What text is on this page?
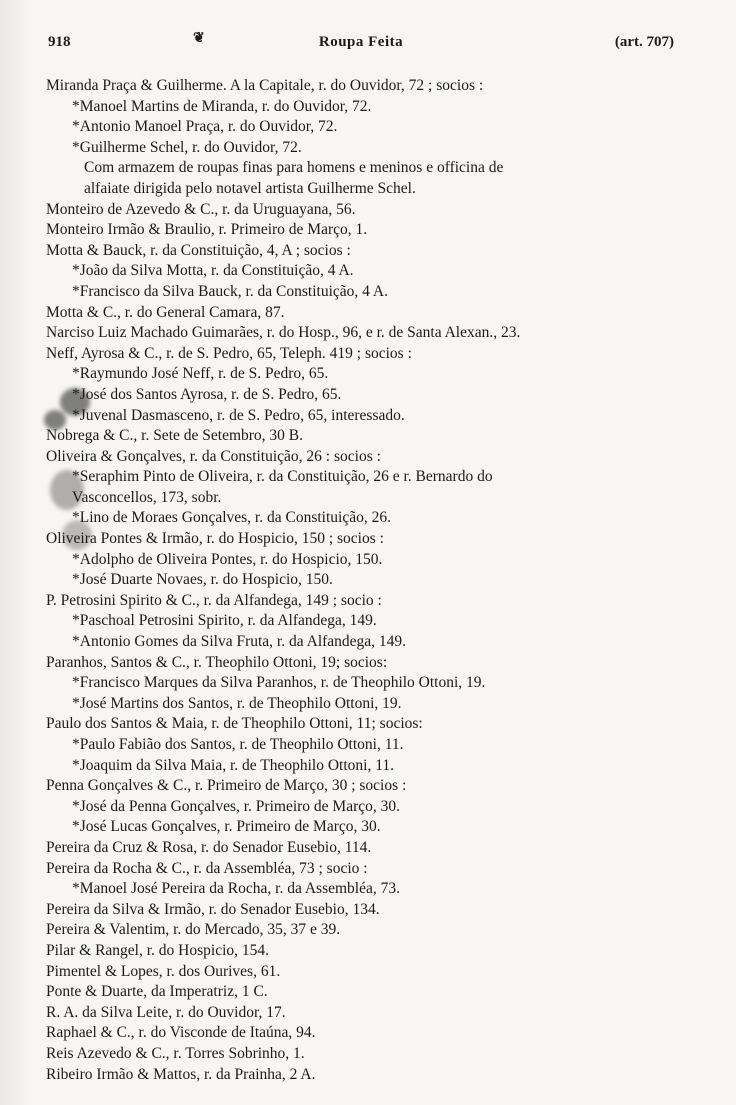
918	❦	Roupa Feita	(art. 707)
Miranda Praça & Guilherme. A la Capitale, r. do Ouvidor, 72 ; socios :
*Manoel Martins de Miranda, r. do Ouvidor, 72.
*Antonio Manoel Praça, r. do Ouvidor, 72.
*Guilherme Schel, r. do Ouvidor, 72.
Com armazem de roupas finas para homens e meninos e officina de
alfaiate dirigida pelo notavel artista Guilherme Schel.
Monteiro de Azevedo & C., r. da Uruguayana, 56.
Monteiro Irmão & Braulio, r. Primeiro de Março, 1.
Motta & Bauck, r. da Constituição, 4, A ; socios :
*João da Silva Motta, r. da Constituição, 4 A.
*Francisco da Silva Bauck, r. da Constituição, 4 A.
Motta & C., r. do General Camara, 87.
Narciso Luiz Machado Guimarães, r. do Hosp., 96, e r. de Santa Alexan., 23.
Neff, Ayrosa & C., r. de S. Pedro, 65, Teleph. 419 ; socios :
*Raymundo José Neff, r. de S. Pedro, 65.
*José dos Santos Ayrosa, r. de S. Pedro, 65.
*Juvenal Dasmasceno, r. de S. Pedro, 65, interessado.
Nobrega & C., r. Sete de Setembro, 30 B.
Oliveira & Gonçalves, r. da Constituição, 26 : socios :
*Seraphim Pinto de Oliveira, r. da Constituição, 26 e r. Bernardo do
Vasconcellos, 173, sobr.
*Lino de Moraes Gonçalves, r. da Constituição, 26.
Oliveira Pontes & Irmão, r. do Hospicio, 150 ; socios :
*Adolpho de Oliveira Pontes, r. do Hospicio, 150.
*José Duarte Novaes, r. do Hospicio, 150.
P. Petrosini Spirito & C., r. da Alfandega, 149 ; socio :
*Paschoal Petrosini Spirito, r. da Alfandega, 149.
*Antonio Gomes da Silva Fruta, r. da Alfandega, 149.
Paranhos, Santos & C., r. Theophilo Ottoni, 19; socios:
*Francisco Marques da Silva Paranhos, r. de Theophilo Ottoni, 19.
*José Martins dos Santos, r. de Theophilo Ottoni, 19.
Paulo dos Santos & Maia, r. de Theophilo Ottoni, 11; socios:
*Paulo Fabião dos Santos, r. de Theophilo Ottoni, 11.
*Joaquim da Silva Maia, r. de Theophilo Ottoni, 11.
Penna Gonçalves & C., r. Primeiro de Março, 30 ; socios :
*José da Penna Gonçalves, r. Primeiro de Março, 30.
*José Lucas Gonçalves, r. Primeiro de Março, 30.
Pereira da Cruz & Rosa, r. do Senador Eusebio, 114.
Pereira da Rocha & C., r. da Assembléa, 73 ; socio :
*Manoel José Pereira da Rocha, r. da Assembléa, 73.
Pereira da Silva & Irmão, r. do Senador Eusebio, 134.
Pereira & Valentim, r. do Mercado, 35, 37 e 39.
Pilar & Rangel, r. do Hospicio, 154.
Pimentel & Lopes, r. dos Ourives, 61.
Ponte & Duarte, da Imperatriz, 1 C.
R. A. da Silva Leite, r. do Ouvidor, 17.
Raphael & C., r. do Visconde de Itaúna, 94.
Reis Azevedo & C., r. Torres Sobrinho, 1.
Ribeiro Irmão & Mattos, r. da Prainha, 2 A.
